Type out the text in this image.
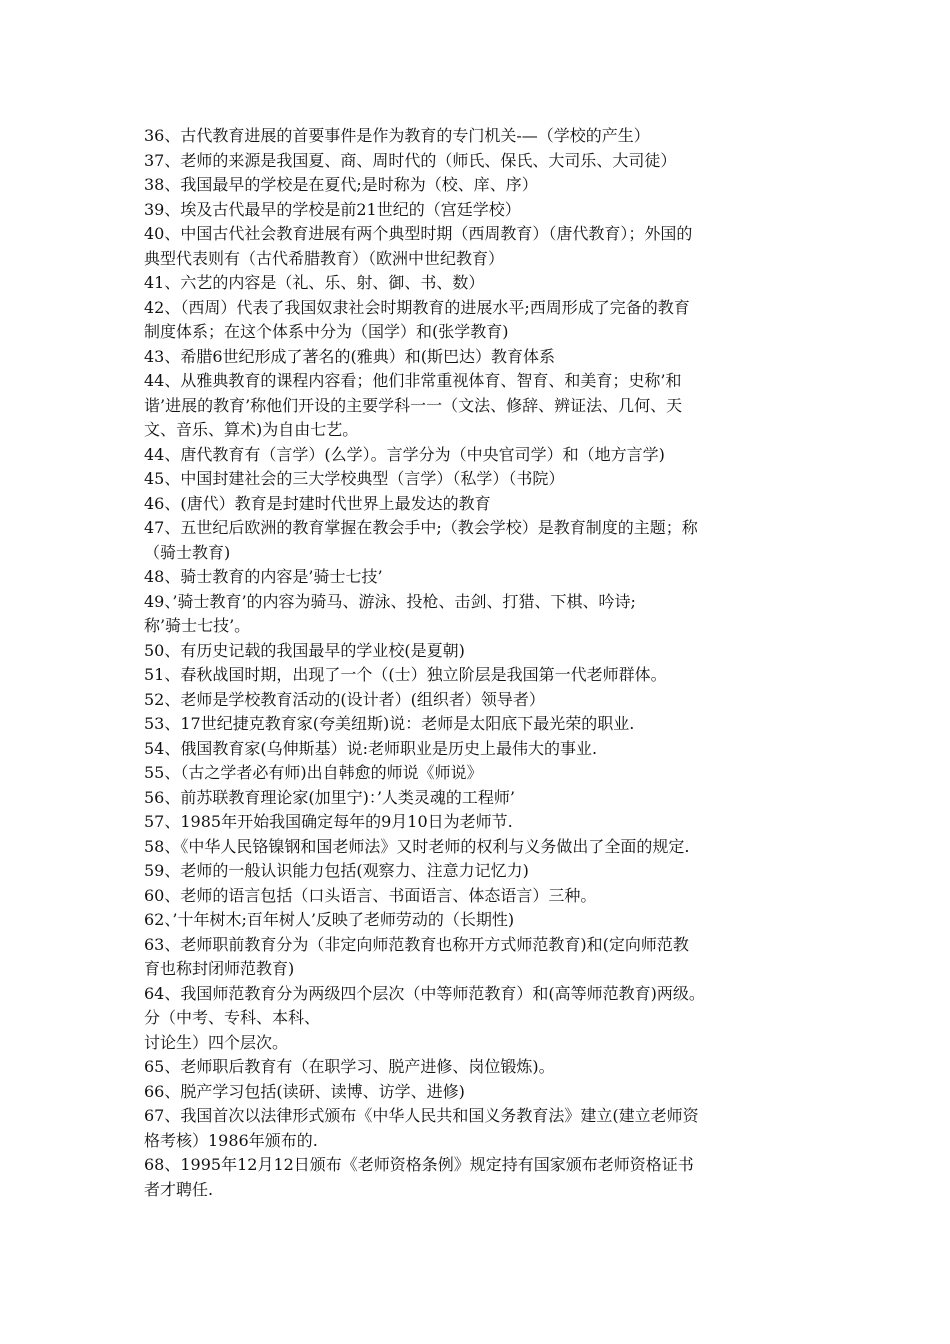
36、古代教育进展的首要事件是作为教育的专门机关-—（学校的产生）
37、老师的来源是我国夏、商、周时代的（师氏、保氏、大司乐、大司徒）
38、我国最早的学校是在夏代;是时称为（校、庠、序）
39、埃及古代最早的学校是前21世纪的（宫廷学校）
40、中国古代社会教育进展有两个典型时期（西周教育）（唐代教育）；外国的
典型代表则有（古代希腊教育）（欧洲中世纪教育）
41、六艺的内容是（礼、乐、射、御、书、数）
42、（西周）代表了我国奴隶社会时期教育的进展水平;西周形成了完备的教育
制度体系；在这个体系中分为（国学）和(张学教育)
43、希腊6世纪形成了著名的(雅典）和(斯巴达）教育体系
44、从雅典教育的课程内容看；他们非常重视体育、智育、和美育；史称’和
谐’进展的教育’称他们开设的主要学科一一（文法、修辞、辨证法、几何、天
文、音乐、算术)为自由七艺。
44、唐代教育有（言学）(么学）。言学分为（中央官司学）和（地方言学)
45、中国封建社会的三大学校典型（言学）（私学）（书院）
46、(唐代）教育是封建时代世界上最发达的教育
47、五世纪后欧洲的教育掌握在教会手中;（教会学校）是教育制度的主题；称
（骑士教育)
48、骑士教育的内容是’骑士七技’
49、’骑士教育’的内容为骑马、游泳、投枪、击剑、打猎、下棋、吟诗;
称’骑士七技’。
50、有历史记载的我国最早的学业校(是夏朝)
51、春秋战国时期，出现了一个（(士）独立阶层是我国第一代老师群体。
52、老师是学校教育活动的(设计者）(组织者）领导者）
53、17世纪捷克教育家(夸美纽斯)说：老师是太阳底下最光荣的职业.
54、俄国教育家(乌伸斯基）说:老师职业是历史上最伟大的事业.
55、（古之学者必有师)出自韩愈的师说《师说》
56、前苏联教育理论家(加里宁)：’人类灵魂的工程师’
57、1985年开始我国确定每年的9月10日为老师节.
58、《中华人民铬镍钢和国老师法》又时老师的权利与义务做出了全面的规定.
59、老师的一般认识能力包括(观察力、注意力记忆力)
60、老师的语言包括（口头语言、书面语言、体态语言）三种。
62、’十年树木;百年树人’反映了老师劳动的（长期性)
63、老师职前教育分为（非定向师范教育也称开方式师范教育)和(定向师范教
育也称封闭师范教育)
64、我国师范教育分为两级四个层次（中等师范教育）和(高等师范教育)两级。
分（中考、专科、本科、
讨论生）四个层次。
65、老师职后教育有（在职学习、脱产进修、岗位锻炼)。
66、脱产学习包括(读研、读博、访学、进修)
67、我国首次以法律形式颁布《中华人民共和国义务教育法》建立(建立老师资
格考核）1986年颁布的.
68、1995年12月12日颁布《老师资格条例》规定持有国家颁布老师资格证书
者才聘任.
